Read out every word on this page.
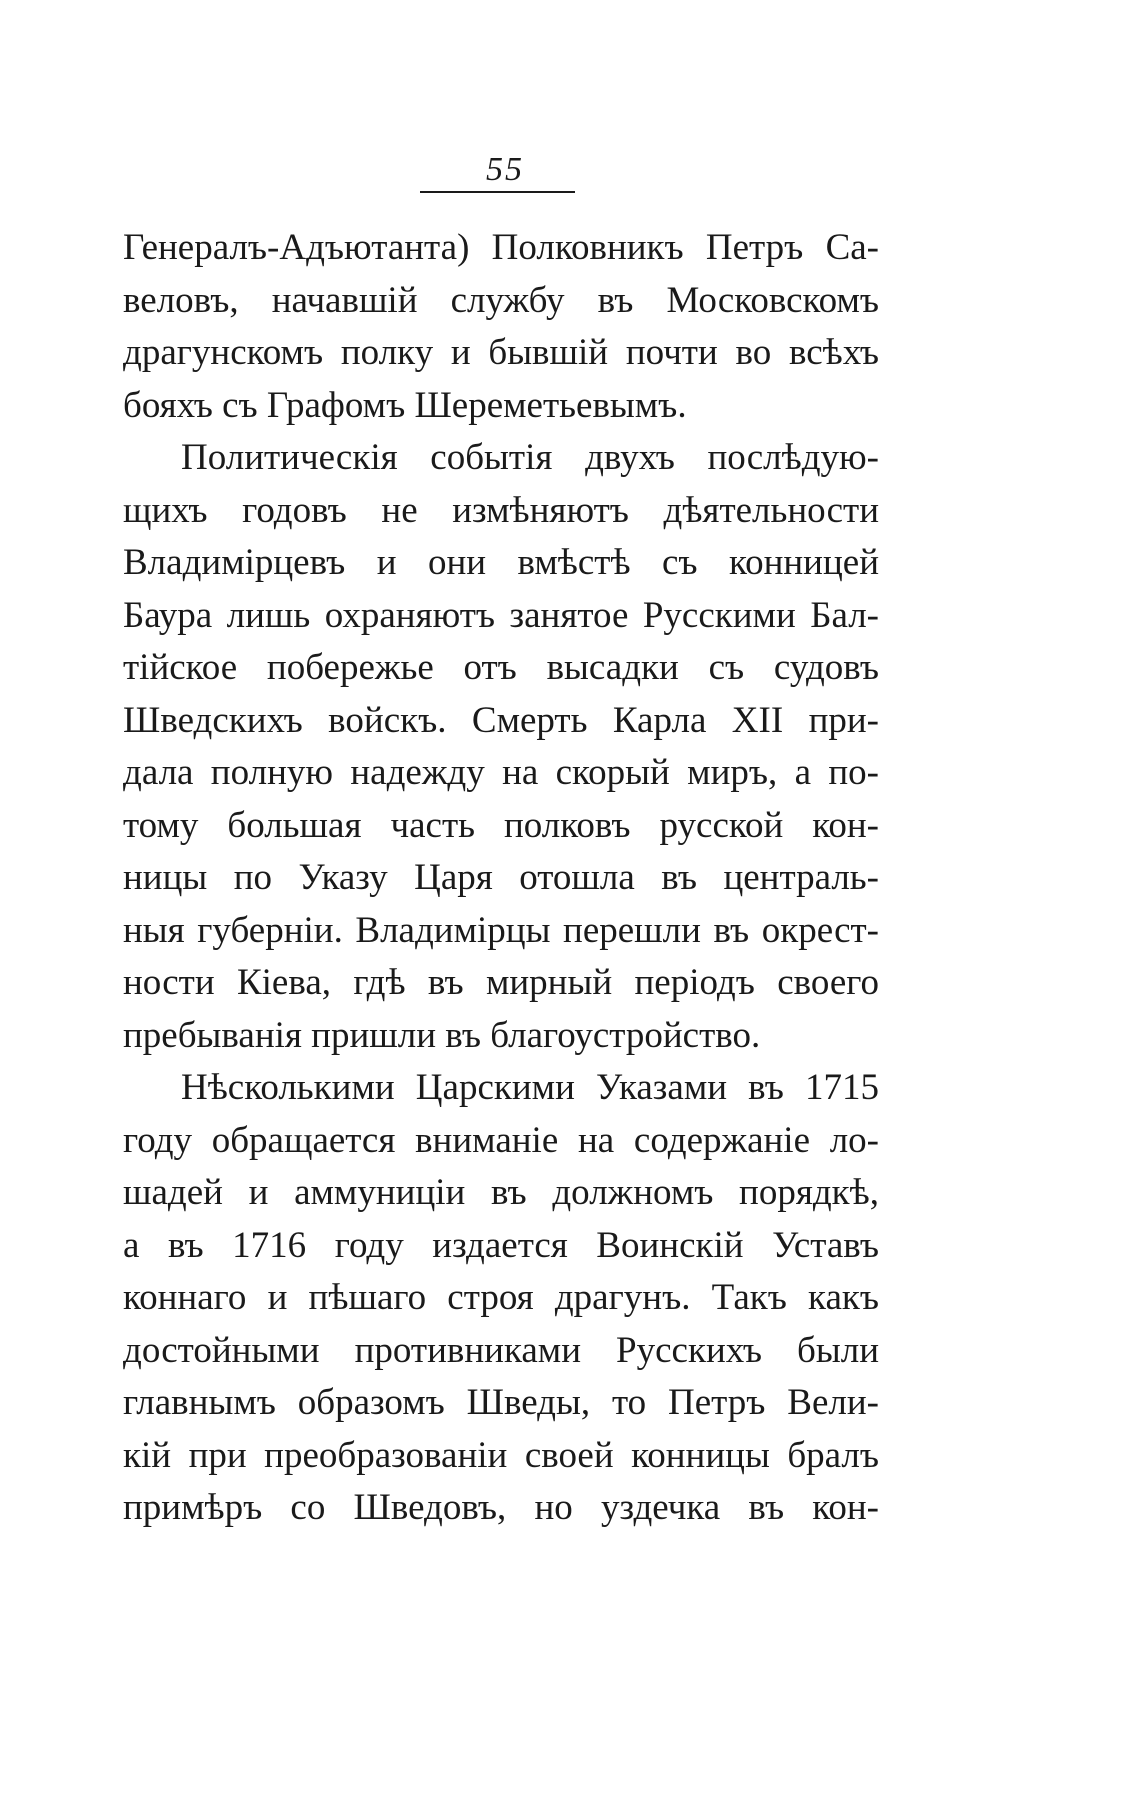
55
Генералъ-Адъютанта) Полковникъ Петръ Са-
веловъ, начавшій службу въ Московскомъ
драгунскомъ полку и бывшій почти во всѣхъ
бояхъ съ Графомъ Шереметьевымъ.
Политическія событія двухъ послѣдую-
щихъ годовъ не измѣняютъ дѣятельности
Владимірцевъ и они вмѣстѣ съ конницей
Баура лишь охраняютъ занятое Русскими Бал-
тійское побережье отъ высадки съ судовъ
Шведскихъ войскъ. Смерть Карла XII при-
дала полную надежду на скорый миръ, а по-
тому большая часть полковъ русской кон-
ницы по Указу Царя отошла въ централь-
ныя губерніи. Владимірцы перешли въ окрест-
ности Кіева, гдѣ въ мирный періодъ своего
пребыванія пришли въ благоустройство.
Нѣсколькими Царскими Указами въ 1715
году обращается вниманіе на содержаніе ло-
шадей и аммуниціи въ должномъ порядкѣ,
а въ 1716 году издается Воинскій Уставъ
коннаго и пѣшаго строя драгунъ. Такъ какъ
достойными противниками Русскихъ были
главнымъ образомъ Шведы, то Петръ Вели-
кій при преобразованіи своей конницы бралъ
примѣръ со Шведовъ, но уздечка въ кон-
